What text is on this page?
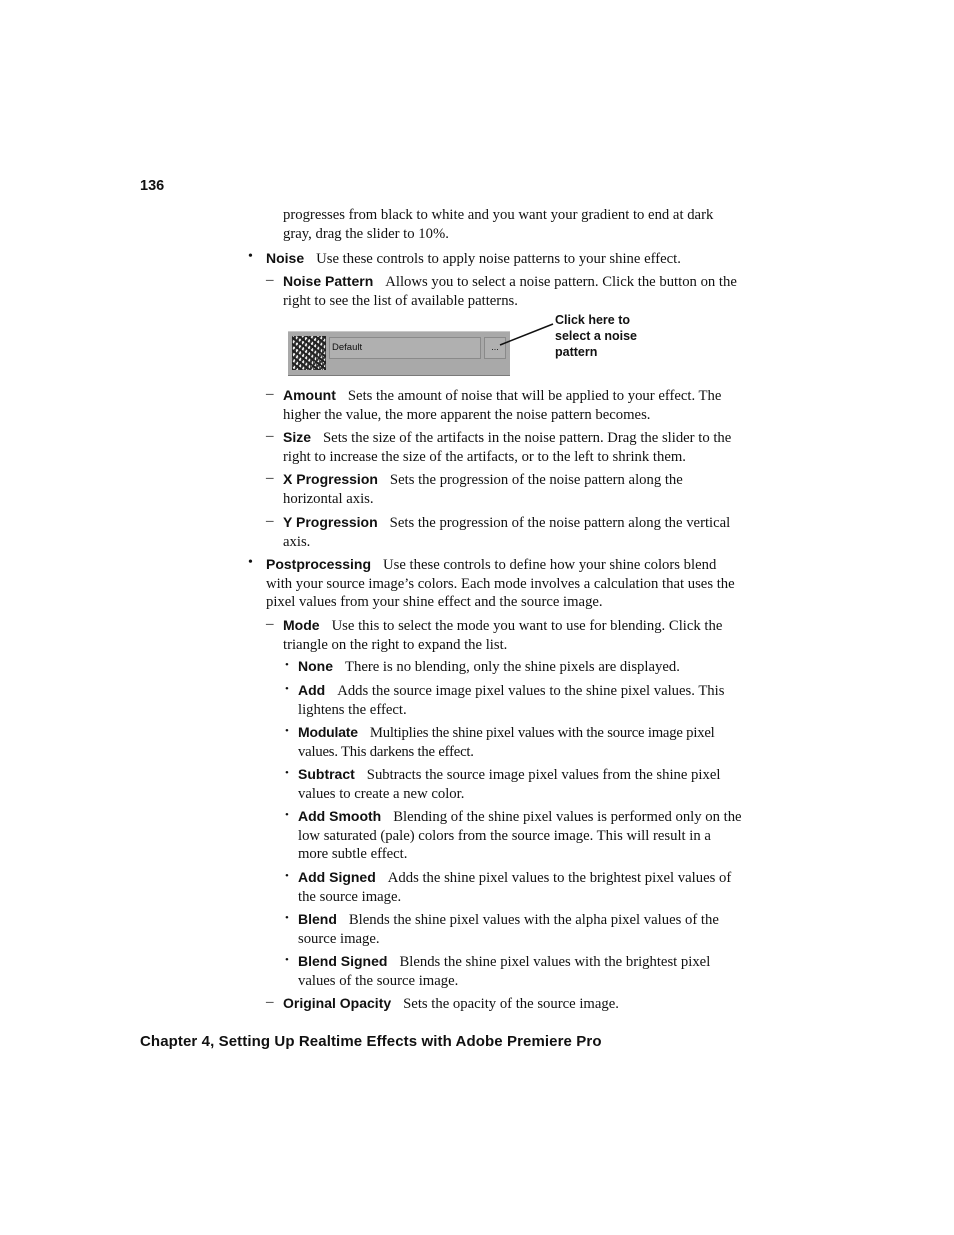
136
progresses from black to white and you want your gradient to end at dark gray, drag the slider to 10%.
• Noise Use these controls to apply noise patterns to your shine effect.
– Noise Pattern Allows you to select a noise pattern. Click the button on the right to see the list of available patterns.
Default	...
Click here to select a noise pattern
– Amount Sets the amount of noise that will be applied to your effect. The higher the value, the more apparent the noise pattern becomes.
– Size Sets the size of the artifacts in the noise pattern. Drag the slider to the right to increase the size of the artifacts, or to the left to shrink them.
– X Progression Sets the progression of the noise pattern along the horizontal axis.
– Y Progression Sets the progression of the noise pattern along the vertical axis.
• Postprocessing Use these controls to define how your shine colors blend with your source image’s colors. Each mode involves a calculation that uses the pixel values from your shine effect and the source image.
– Mode Use this to select the mode you want to use for blending. Click the triangle on the right to expand the list.
• None There is no blending, only the shine pixels are displayed.
• Add Adds the source image pixel values to the shine pixel values. This lightens the effect.
• Modulate Multiplies the shine pixel values with the source image pixel values. This darkens the effect.
• Subtract Subtracts the source image pixel values from the shine pixel values to create a new color.
• Add Smooth Blending of the shine pixel values is performed only on the low saturated (pale) colors from the source image. This will result in a more subtle effect.
• Add Signed Adds the shine pixel values to the brightest pixel values of the source image.
• Blend Blends the shine pixel values with the alpha pixel values of the source image.
• Blend Signed Blends the shine pixel values with the brightest pixel values of the source image.
– Original Opacity Sets the opacity of the source image.
Chapter 4, Setting Up Realtime Effects with Adobe Premiere Pro
